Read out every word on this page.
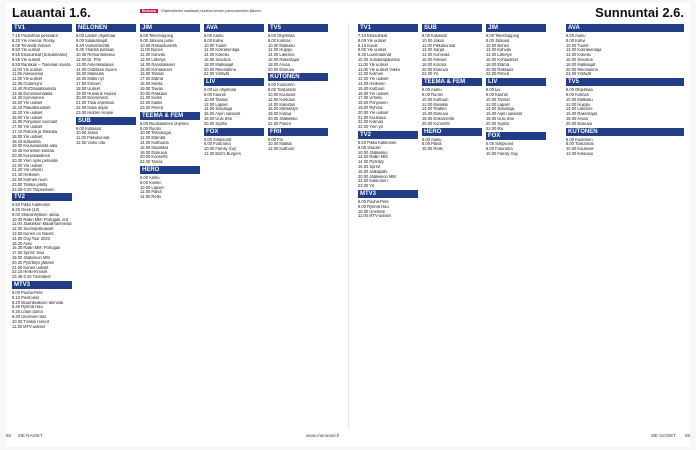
Lauantai 1.6.	Sunnuntai 2.6.
Elokuva Ohjelmatiedot saattavat muuttua lehden painovarmisen jälkeen.
68 ME NAISET	www.menaiset.fi	ME NAISET 69
TV1
7.15 Puutarhan petovalot
8.20 Yle Areena: Rocky
9.00 Tervevät ihmiset
9.50 Yle uutiset
9.55 Ekosuihkat (Soluasmatic)
9.55 Yle uutiset
9.50 Ranskan – Tulevaan kuinta
11.00 Yle uutiset
11.05 Alasuvesta
11.35 Yle uutiset
12.05 Oodinsynt
12.40 RUOtsalatsaisista
13.45 Eurovisionaalita
14.30 Kymmenen
15.00 Yle uutiset
15.15 Paikallisuutiset
15.20 Yle uutiset
16.00 Yle uutiset
16.05 Pohjoisen tuomarit
17.00 Yle uutiset
17.10 Pullonti ja Takkuka
18.00 Yle uutiset
18.15 Ikäluokita
19.00 Kuuluisaisista aika
19.45 Kenenkin kantaa
20.05 Kuninkaallinen
20.30 Ylen nyrki pehvalla
21.00 Yle uutiset
21.20 Yle urheilu
21.40 Hetkinen
22.00 Kolmen nuori
23.00 Tarkka pitetty
23.25-0.20 Tarpeellisen
TV2
6.50 Pikku Kakkonen
8.25 Geek (12)
9.00 Shaolinhytkari: aikaa
10.30 Rallin MM: Portugali, erä
11.00 Jaakiekon Maailmanmesta
12.00 Suomipolkuaiset
13.50 Kenen on Naiset
14.00 Ouji Tour 2023
15.20 Avec
16.30 Rallin MM: Portugali
17.00 Sprint: Sisu
19.00 Jääkiekon MM
20.30 Pyöräilyn jälkeen
21.00 Kenen uutiset
22.10 Hetki-Ihmiset
23.45-0.20 Tiedotteet
MTV3
8.00 Puuha-Pete
8.10 Pientoiset
8.20 Muumilaakson tarinoita
8.45 Ryhmä Hau
9.20 Lotan tarina
9.30 Unelmien talo
10.30 Tinskin rennot
11.30 MTV-uutiset
NELONEN
6.00 Lasten ohjelmaa
8.00 Salakatsojat
8.30 Voimahirrettä
9.35 Yhdistä kuntaan
10.35 Remonttireiska
12.00 Dr. Phil
13.00 Amerikkalaisia
14.00 Ostetaan Suomi
15.00 Makuulla
16.00 Mitäs nyt
17.00 Ihmiset
18.00 Uutiset
19.00 Huvila & Huussi
20.00 Enemmistö
21.00 Tilaa ohjelmaa
22.00 Kuka ohjaa
23.00 Hidden House
SUB
9.00 Kotiasiat
10.00 Jakso
11.00 Pikkukunnat
12.00 Voiko olla
JIM
6.00 Teleshopping
9.00 Jatkuva puhe
10.00 Ratsastuslehti
11.00 Bones
12.00 Kahvila
13.00 Lähetys
14.00 Ranskalaiset
15.00 Kohtaukset
16.00 Tarinat
17.00 Elämä
18.00 Mesta
19.00 Taivas
20.00 Rakkaus
21.00 Kestit
22.00 Kaikki
23.00 Pimeä
TEEMA & FEM
6.00 Ruotsalainen ohjelma
8.00 Ruotsi
10.00 Teknologia
12.00 Elämää
14.00 Kulttuuria
16.00 Musiikkia
18.00 Elokuvia
20.00 Konsertti
22.00 Tarina
HERO
6.00 Aamu
8.00 Kinetic
10.00 Lapset
12.00 Päivä
14.00 Retki
AVA
6.00 Aamu
8.00 Kahvi
10.00 Tuulet
12.00 Kotirakentaja
14.00 Kokeilu
16.00 Sisustus
18.00 Matkaajat
20.00 Rikostarina
22.00 Ystävät
LIV
6.00 Liv ohjelmaa
8.00 Kauniit
10.00 Tarinat
12.00 Lapset
14.00 Sisustaja
16.00 Arjen sankarit
18.00 Uusi ilme
20.00 Sydän
FOX
6.00 Simpsonit
8.00 Futurama
10.00 Family Guy
12.00 Bob's Burgers
TV5
6.00 Ohjelmaa
8.00 Kolmas
10.00 Matkailu
12.00 Huippu
14.00 Liikenne
16.00 Rakentajat
18.00 Arvaa
20.00 Elokuva
KUTONEN
6.00 Kuutonen
8.00 Tositarinat
10.00 Kuutoset
12.00 Kokkaus
14.00 Kalastus
16.00 Metsästys
18.00 Kultaa
20.00 Jääkiekko
22.00 Pokeri
FRII
8.00 Frii
10.00 Matkat
12.00 Kulttuuri
TV1
7.10 Ekosuihkat
8.00 Yle uutiset
8.10 Kuvat
9.00 Yle uutiset
9.30 Luontotarinat
10.00 Jumalanpalvelus
11.00 Yle uutiset
11.05 Yle uutiset Viikko
12.00 Kolmen
13.00 Yle uutiset
14.00 Hetkinen
15.00 Kulttuuri
16.00 Yle uutiset
17.00 Urheilu
18.00 Pohjoinen
19.00 Ryhmä
20.00 Yle uutiset
21.00 Kuukausi
22.00 Kolmas
23.00 Ylen yö
TV2
6.50 Pikku Kakkonen
9.00 Shaolin
10.00 Jääkiekko
12.00 Rallin MM
14.00 Pyöräily
16.00 Sprint
18.00 Jalkapallo
20.00 Jääkiekon MM
22.00 Kakkonen
23.00 Yö
MTV3
8.00 Puuha-Pete
9.00 Ryhmä Hau
10.00 Unelmat
11.00 MTV-uutiset
SUB
9.00 Kotiasiat
10.00 Jakso
11.00 Pikkukunnat
12.00 Sarjat
14.00 Komedia
16.00 Ihmiset
18.00 Kotona
20.00 Elokuva
22.00 Yö
TEEMA & FEM
6.00 Aamu
8.00 Ruotsi
10.00 Kulttuuri
12.00 Musiikki
14.00 Teatteri
16.00 Elokuva
18.00 Dokumentti
20.00 Konsertti
HERO
6.00 Aamu
8.00 Päivä
10.00 Retki
JIM
6.00 Teleshopping
8.00 Jatkuva
10.00 Bones
12.00 Kahvila
14.00 Lähetys
16.00 Kohtaukset
18.00 Elämä
20.00 Rakkaus
22.00 Pimeä
LIV
6.00 Liv
8.00 Kauniit
10.00 Tarinat
12.00 Lapset
14.00 Sisustaja
16.00 Arjen sankarit
18.00 Uusi ilme
20.00 Sydän
22.00 Ilta
FOX
6.00 Simpsonit
8.00 Futurama
10.00 Family Guy
AVA
6.00 Aamu
8.00 Kahvi
10.00 Tuulet
12.00 Kotirakentaja
14.00 Kokeilu
16.00 Sisustus
18.00 Matkaajat
20.00 Rikostarina
22.00 Ystävät
TV5
6.00 Ohjelmaa
8.00 Kolmas
10.00 Matkailu
12.00 Huippu
14.00 Liikenne
16.00 Rakentajat
18.00 Arvaa
20.00 Elokuva
KUTONEN
6.00 Kuutonen
8.00 Tositarinat
10.00 Kuutoset
12.00 Kokkaus
